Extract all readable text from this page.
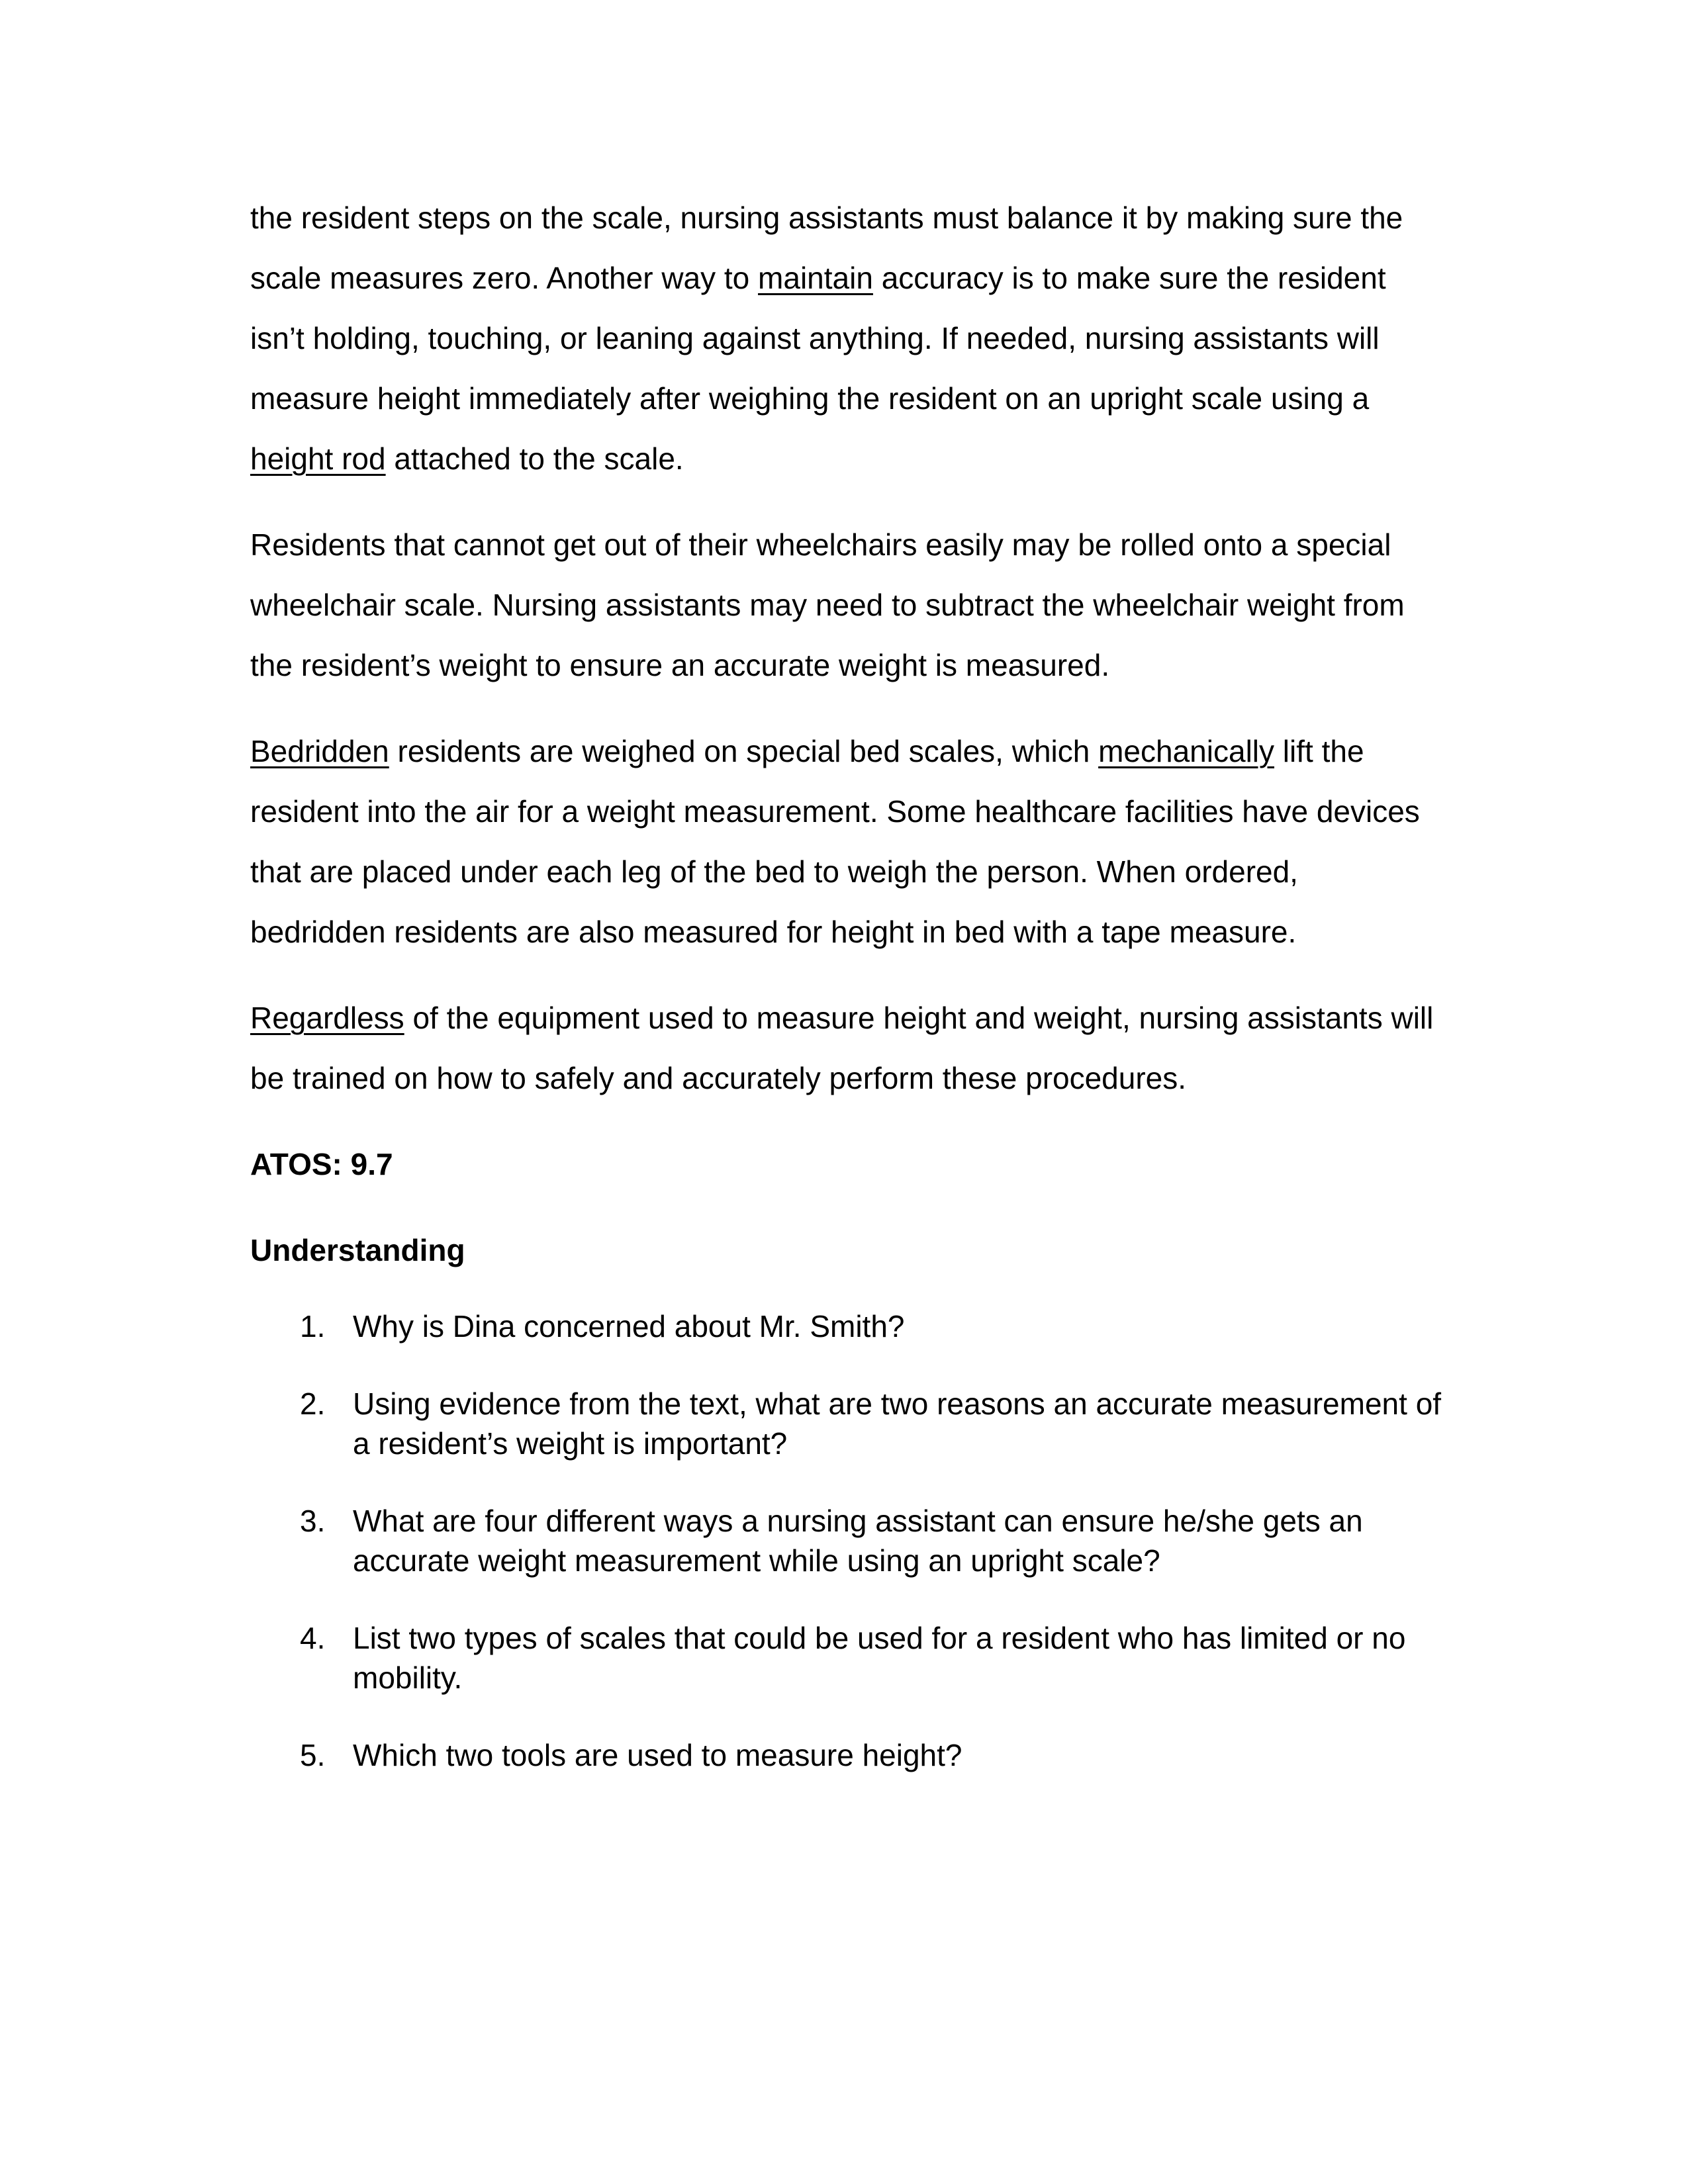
the resident steps on the scale, nursing assistants must balance it by making sure the scale measures zero. Another way to maintain accuracy is to make sure the resident isn’t holding, touching, or leaning against anything. If needed, nursing assistants will measure height immediately after weighing the resident on an upright scale using a height rod attached to the scale.

Residents that cannot get out of their wheelchairs easily may be rolled onto a special wheelchair scale. Nursing assistants may need to subtract the wheelchair weight from the resident’s weight to ensure an accurate weight is measured.

Bedridden residents are weighed on special bed scales, which mechanically lift the resident into the air for a weight measurement. Some healthcare facilities have devices that are placed under each leg of the bed to weigh the person. When ordered, bedridden residents are also measured for height in bed with a tape measure.

Regardless of the equipment used to measure height and weight, nursing assistants will be trained on how to safely and accurately perform these procedures.

ATOS: 9.7

Understanding

1. Why is Dina concerned about Mr. Smith?
2. Using evidence from the text, what are two reasons an accurate measurement of a resident’s weight is important?
3. What are four different ways a nursing assistant can ensure he/she gets an accurate weight measurement while using an upright scale?
4. List two types of scales that could be used for a resident who has limited or no mobility.
5. Which two tools are used to measure height?
